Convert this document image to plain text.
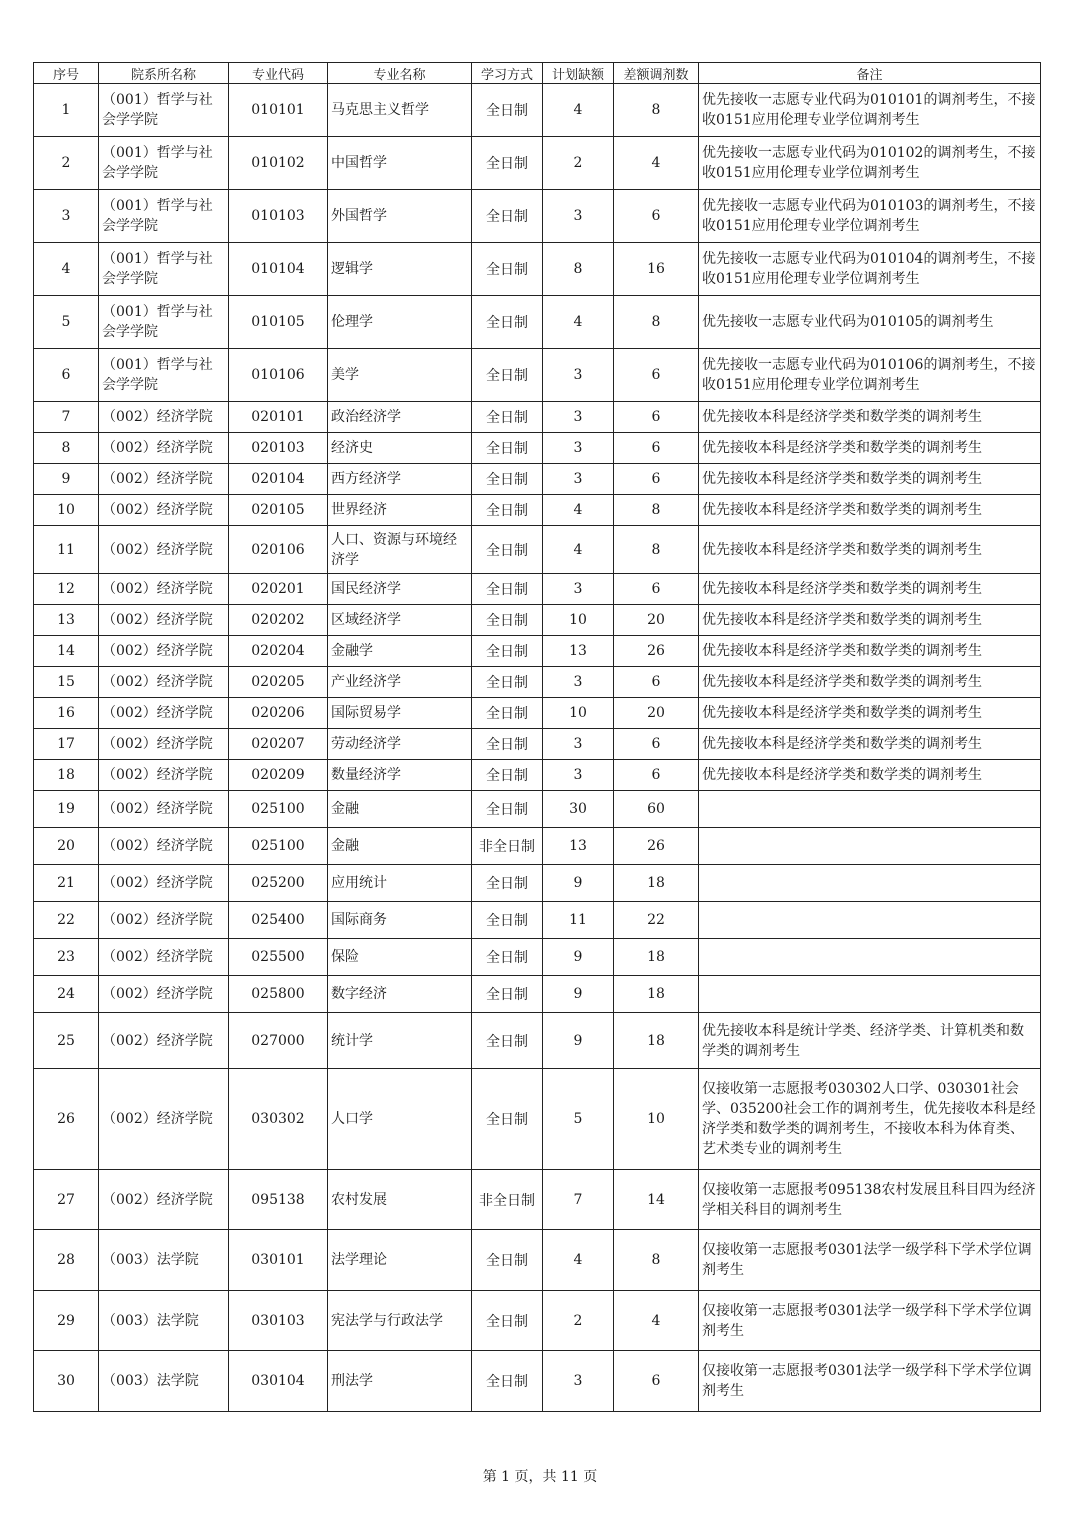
序号	院系所名称	专业代码	专业名称	学习方式	计划缺额	差额调剂数	备注
1	（001）哲学与社会学学院	010101	马克思主义哲学	全日制	4	8	优先接收一志愿专业代码为010101的调剂考生，不接收0151应用伦理专业学位调剂考生
2	（001）哲学与社会学学院	010102	中国哲学	全日制	2	4	优先接收一志愿专业代码为010102的调剂考生，不接收0151应用伦理专业学位调剂考生
3	（001）哲学与社会学学院	010103	外国哲学	全日制	3	6	优先接收一志愿专业代码为010103的调剂考生，不接收0151应用伦理专业学位调剂考生
4	（001）哲学与社会学学院	010104	逻辑学	全日制	8	16	优先接收一志愿专业代码为010104的调剂考生，不接收0151应用伦理专业学位调剂考生
5	（001）哲学与社会学学院	010105	伦理学	全日制	4	8	优先接收一志愿专业代码为010105的调剂考生
6	（001）哲学与社会学学院	010106	美学	全日制	3	6	优先接收一志愿专业代码为010106的调剂考生，不接收0151应用伦理专业学位调剂考生
7	（002）经济学院	020101	政治经济学	全日制	3	6	优先接收本科是经济学类和数学类的调剂考生
8	（002）经济学院	020103	经济史	全日制	3	6	优先接收本科是经济学类和数学类的调剂考生
9	（002）经济学院	020104	西方经济学	全日制	3	6	优先接收本科是经济学类和数学类的调剂考生
10	（002）经济学院	020105	世界经济	全日制	4	8	优先接收本科是经济学类和数学类的调剂考生
11	（002）经济学院	020106	人口、资源与环境经济学	全日制	4	8	优先接收本科是经济学类和数学类的调剂考生
12	（002）经济学院	020201	国民经济学	全日制	3	6	优先接收本科是经济学类和数学类的调剂考生
13	（002）经济学院	020202	区域经济学	全日制	10	20	优先接收本科是经济学类和数学类的调剂考生
14	（002）经济学院	020204	金融学	全日制	13	26	优先接收本科是经济学类和数学类的调剂考生
15	（002）经济学院	020205	产业经济学	全日制	3	6	优先接收本科是经济学类和数学类的调剂考生
16	（002）经济学院	020206	国际贸易学	全日制	10	20	优先接收本科是经济学类和数学类的调剂考生
17	（002）经济学院	020207	劳动经济学	全日制	3	6	优先接收本科是经济学类和数学类的调剂考生
18	（002）经济学院	020209	数量经济学	全日制	3	6	优先接收本科是经济学类和数学类的调剂考生
19	（002）经济学院	025100	金融	全日制	30	60	
20	（002）经济学院	025100	金融	非全日制	13	26	
21	（002）经济学院	025200	应用统计	全日制	9	18	
22	（002）经济学院	025400	国际商务	全日制	11	22	
23	（002）经济学院	025500	保险	全日制	9	18	
24	（002）经济学院	025800	数字经济	全日制	9	18	
25	（002）经济学院	027000	统计学	全日制	9	18	优先接收本科是统计学类、经济学类、计算机类和数学类的调剂考生
26	（002）经济学院	030302	人口学	全日制	5	10	仅接收第一志愿报考030302人口学、030301社会学、035200社会工作的调剂考生，优先接收本科是经济学类和数学类的调剂考生，不接收本科为体育类、艺术类专业的调剂考生
27	（002）经济学院	095138	农村发展	非全日制	7	14	仅接收第一志愿报考095138农村发展且科目四为经济学相关科目的调剂考生
28	（003）法学院	030101	法学理论	全日制	4	8	仅接收第一志愿报考0301法学一级学科下学术学位调剂考生
29	（003）法学院	030103	宪法学与行政法学	全日制	2	4	仅接收第一志愿报考0301法学一级学科下学术学位调剂考生
30	（003）法学院	030104	刑法学	全日制	3	6	仅接收第一志愿报考0301法学一级学科下学术学位调剂考生
第 1 页，共 11 页
